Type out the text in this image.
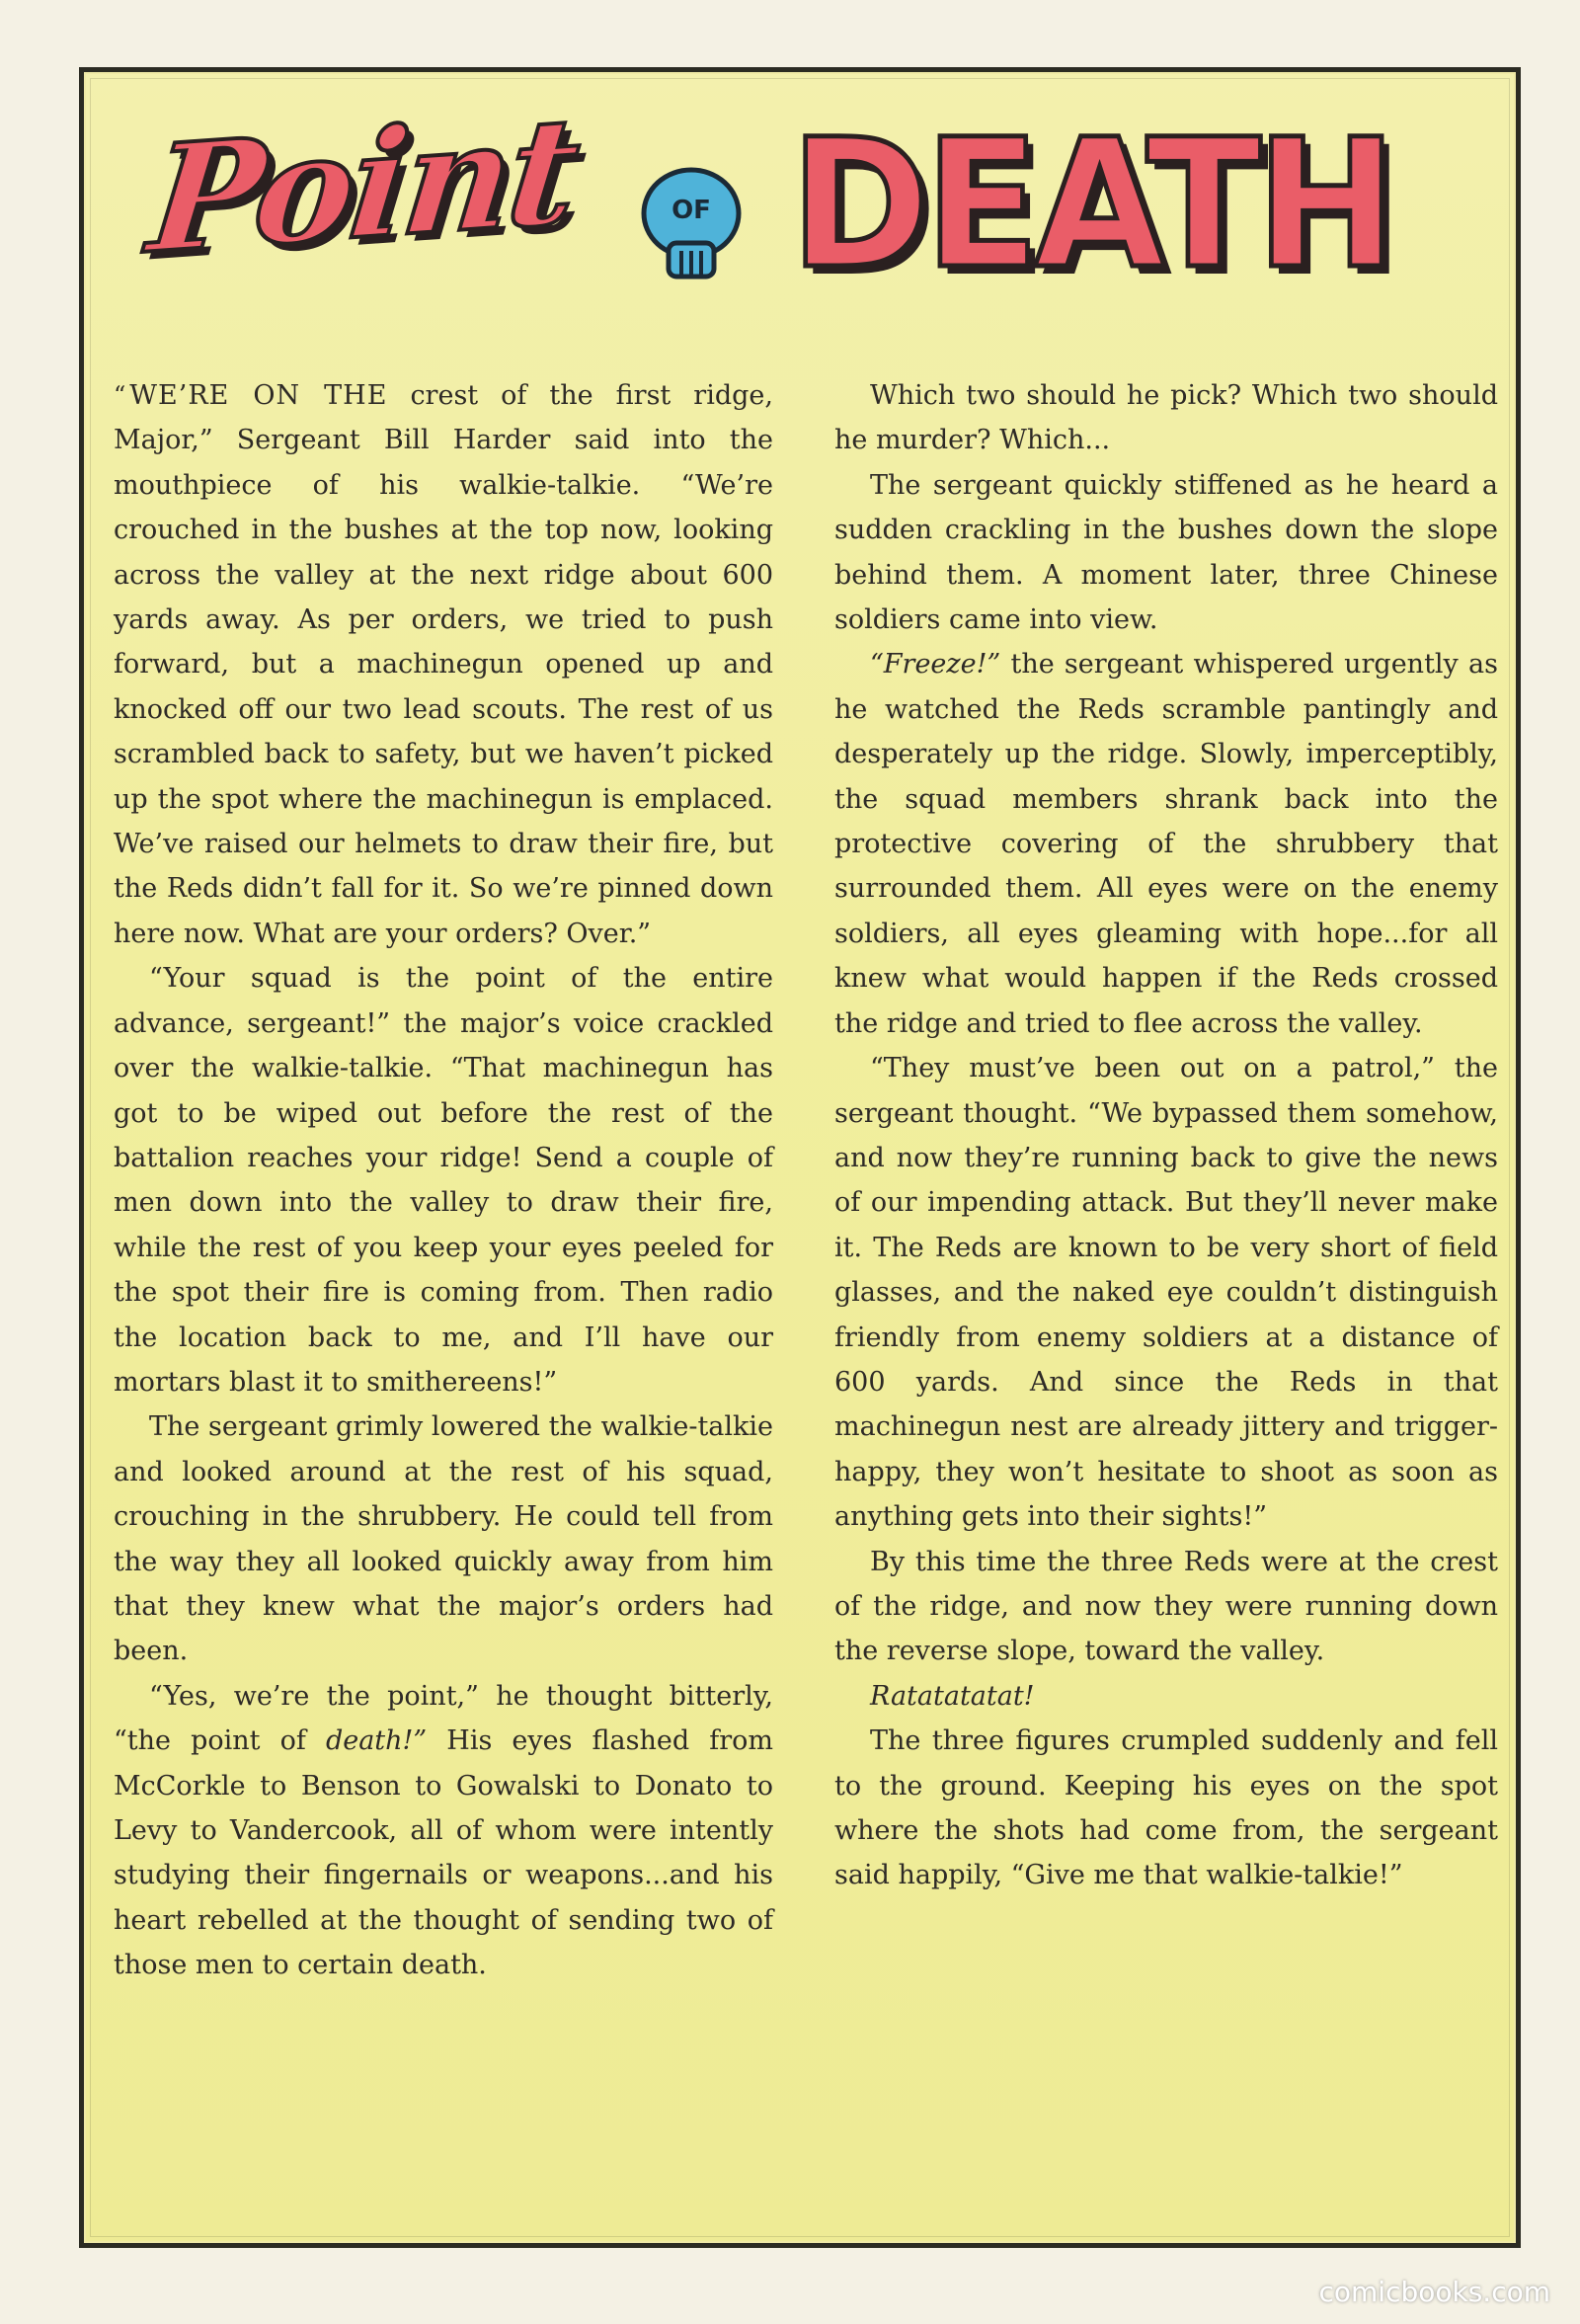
Point	OF DEATH

“ WE’RE ON THE crest of the first ridge, Major,” Sergeant Bill Harder said into the mouthpiece of his walkie-talkie. “We’re crouched in the bushes at the top now, looking across the valley at the next ridge about 600 yards away. As per orders, we tried to push forward, but a machinegun opened up and knocked off our two lead scouts. The rest of us scrambled back to safety, but we haven’t picked up the spot where the machinegun is emplaced. We’ve raised our helmets to draw their fire, but the Reds didn’t fall for it. So we’re pinned down here now. What are your orders? Over.”

“Your squad is the point of the entire advance, sergeant!” the major’s voice crackled over the walkie-talkie. “That machinegun has got to be wiped out before the rest of the battalion reaches your ridge! Send a couple of men down into the valley to draw their fire, while the rest of you keep your eyes peeled for the spot their fire is coming from. Then radio the location back to me, and I’ll have our mortars blast it to smithereens!”

The sergeant grimly lowered the walkie-talkie and looked around at the rest of his squad, crouching in the shrubbery. He could tell from the way they all looked quickly away from him that they knew what the major’s orders had been.

“Yes, we’re the point,” he thought bitterly, “the point of death!” His eyes flashed from McCorkle to Benson to Gowalski to Donato to Levy to Vandercook, all of whom were intently studying their fingernails or weapons...and his heart rebelled at the thought of sending two of those men to certain death.

Which two should he pick? Which two should he murder? Which...

The sergeant quickly stiffened as he heard a sudden crackling in the bushes down the slope behind them. A moment later, three Chinese soldiers came into view.

“Freeze!” the sergeant whispered urgently as he watched the Reds scramble pantingly and desperately up the ridge. Slowly, imperceptibly, the squad members shrank back into the protective covering of the shrubbery that surrounded them. All eyes were on the enemy soldiers, all eyes gleaming with hope...for all knew what would happen if the Reds crossed the ridge and tried to flee across the valley.

“They must’ve been out on a patrol,” the sergeant thought. “We bypassed them somehow, and now they’re running back to give the news of our impending attack. But they’ll never make it. The Reds are known to be very short of field glasses, and the naked eye couldn’t distinguish friendly from enemy soldiers at a distance of 600 yards. And since the Reds in that machinegun nest are already jittery and trigger-happy, they won’t hesitate to shoot as soon as anything gets into their sights!”

By this time the three Reds were at the crest of the ridge, and now they were running down the reverse slope, toward the valley.

Ratatatatat!

The three figures crumpled suddenly and fell to the ground. Keeping his eyes on the spot where the shots had come from, the sergeant said happily, “Give me that walkie-talkie!”

comicbooks.com
